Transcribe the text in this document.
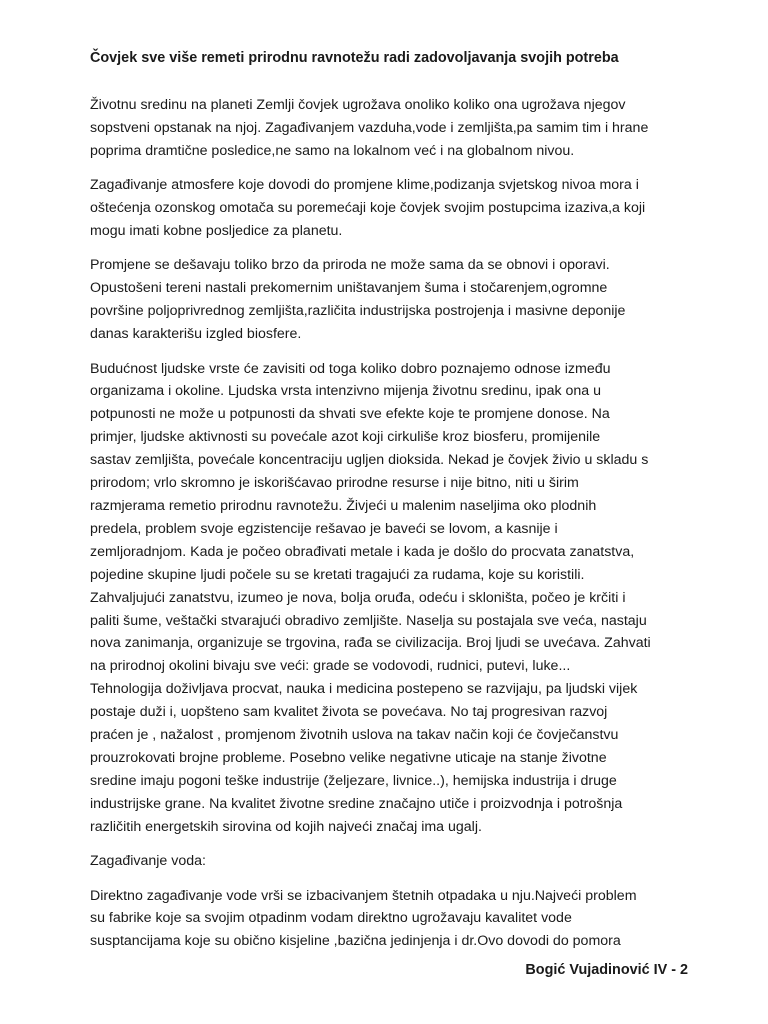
Čovjek sve više remeti prirodnu ravnotežu radi zadovoljavanja svojih potreba

Životnu sredinu na planeti Zemlji čovjek ugrožava onoliko koliko ona ugrožava njegov
sopstveni opstanak na njoj. Zagađivanjem vazduha,vode i zemljišta,pa samim tim i hrane
poprima dramtične posledice,ne samo na lokalnom već i na globalnom nivou.

Zagađivanje atmosfere koje dovodi do promjene klime,podizanja svjetskog nivoa mora i
oštećenja ozonskog omotača su poremećaji koje čovjek svojim postupcima izaziva,a koji
mogu imati kobne posljedice za planetu.

Promjene se dešavaju toliko brzo da priroda ne može sama da se obnovi i oporavi.
Opustošeni tereni nastali prekomernim uništavanjem šuma i stočarenjem,ogromne
površine poljoprivrednog zemljišta,različita industrijska postrojenja i masivne deponije
danas karakterišu izgled biosfere.

Budućnost ljudske vrste će zavisiti od toga koliko dobro poznajemo odnose između
organizama i okoline. Ljudska vrsta intenzivno mijenja životnu sredinu, ipak ona u
potpunosti ne može u potpunosti da shvati sve efekte koje te promjene donose. Na
primjer, ljudske aktivnosti su povećale azot koji cirkuliše kroz biosferu, promijenile
sastav zemljišta, povećale koncentraciju ugljen dioksida. Nekad je čovjek živio u skladu s
prirodom; vrlo skromno je iskorišćavao prirodne resurse i nije bitno, niti u širim
razmjerama remetio prirodnu ravnotežu. Živjeći u malenim naseljima oko plodnih
predela, problem svoje egzistencije rešavao je baveći se lovom, a kasnije i
zemljoradnjom. Kada je počeo obrađivati metale i kada je došlo do procvata zanatstva,
pojedine skupine ljudi počele su se kretati tragajući za rudama, koje su koristili.
Zahvaljujući zanatstvu, izumeo je nova, bolja oruđa, odeću i skloništa, počeo je krčiti i
paliti šume, veštački stvarajući obradivo zemljište. Naselja su postajala sve veća, nastaju
nova zanimanja, organizuje se trgovina, rađa se civilizacija. Broj ljudi se uvećava. Zahvati
na prirodnoj okolini bivaju sve veći: grade se vodovodi, rudnici, putevi, luke...
Tehnologija doživljava procvat, nauka i medicina postepeno se razvijaju, pa ljudski vijek
postaje duži i, uopšteno sam kvalitet života se povećava. No taj progresivan razvoj
praćen je , nažalost , promjenom životnih uslova na takav način koji će čovječanstvu
prouzrokovati brojne probleme. Posebno velike negativne uticaje na stanje životne
sredine imaju pogoni teške industrije (željezare, livnice..), hemijska industrija i druge
industrijske grane. Na kvalitet životne sredine značajno utiče i proizvodnja i potrošnja
različitih energetskih sirovina od kojih najveći značaj ima ugalj.

Zagađivanje voda:

Direktno zagađivanje vode vrši se izbacivanjem štetnih otpadaka u nju.Najveći problem
su fabrike koje sa svojim otpadinm vodam direktno ugrožavaju kavalitet vode
susptancijama koje su obično kisjeline ,bazična jedinjenja i dr.Ovo dovodi do pomora

Bogić Vujadinović IV - 2
